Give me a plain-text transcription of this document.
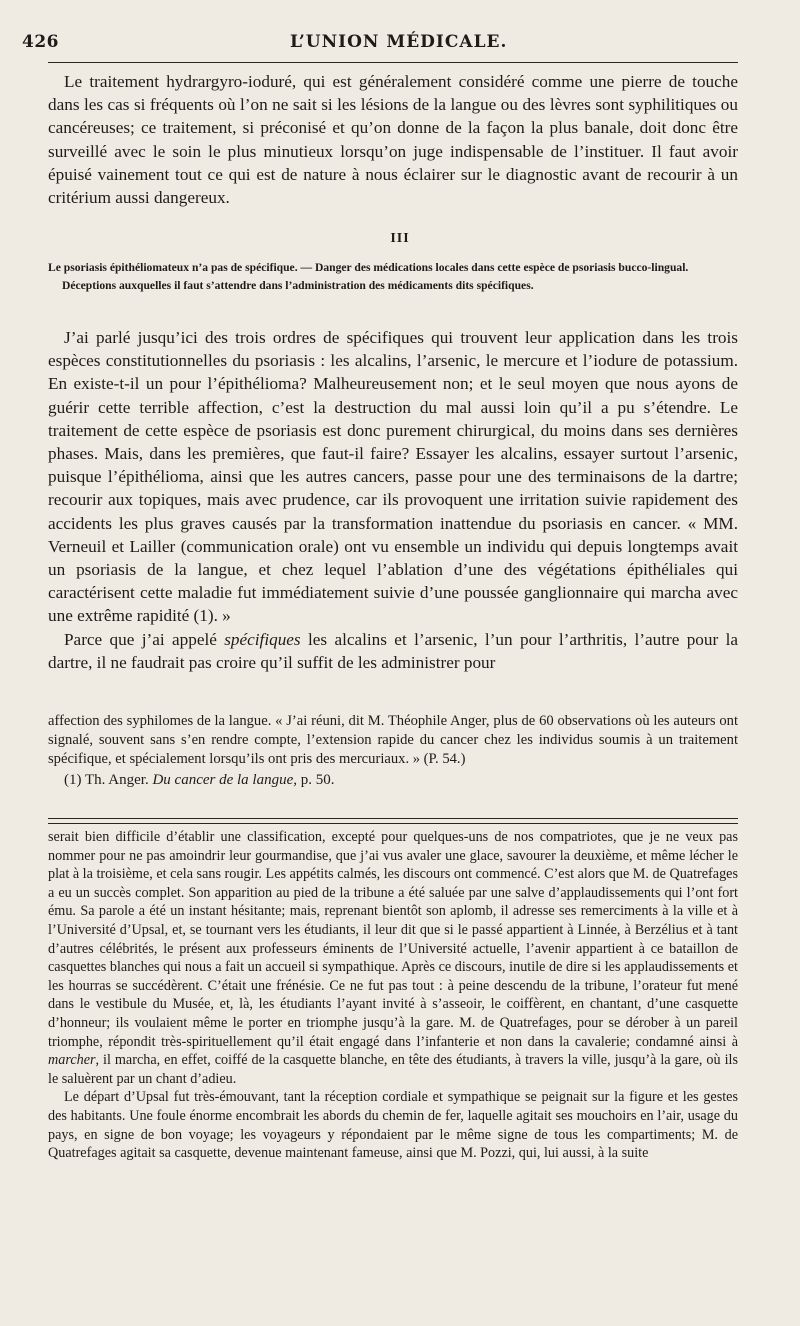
426	L’UNION MÉDICALE.

Le traitement hydrargyro-ioduré, qui est généralement considéré comme une pierre de touche dans les cas si fréquents où l’on ne sait si les lésions de la langue ou des lèvres sont syphilitiques ou cancéreuses; ce traitement, si préconisé et qu’on donne de la façon la plus banale, doit donc être surveillé avec le soin le plus minutieux lorsqu’on juge indispensable de l’instituer. Il faut avoir épuisé vainement tout ce qui est de nature à nous éclairer sur le diagnostic avant de recourir à un critérium aussi dangereux.

III

Le psoriasis épithéliomateux n’a pas de spécifique. — Danger des médications locales dans cette espèce de psoriasis bucco-lingual.

Déceptions auxquelles il faut s’attendre dans l’administration des médicaments dits spécifiques.

J’ai parlé jusqu’ici des trois ordres de spécifiques qui trouvent leur application dans les trois espèces constitutionnelles du psoriasis : les alcalins, l’arsenic, le mercure et l’iodure de potassium. En existe-t-il un pour l’épithélioma? Malheureusement non; et le seul moyen que nous ayons de guérir cette terrible affection, c’est la destruction du mal aussi loin qu’il a pu s’étendre. Le traitement de cette espèce de psoriasis est donc purement chirurgical, du moins dans ses dernières phases. Mais, dans les premières, que faut-il faire? Essayer les alcalins, essayer surtout l’arsenic, puisque l’épithélioma, ainsi que les autres cancers, passe pour une des terminaisons de la dartre; recourir aux topiques, mais avec prudence, car ils provoquent une irritation suivie rapidement des accidents les plus graves causés par la transformation inattendue du psoriasis en cancer. « MM. Verneuil et Lailler (communication orale) ont vu ensemble un individu qui depuis longtemps avait un psoriasis de la langue, et chez lequel l’ablation d’une des végétations épithéliales qui caractérisent cette maladie fut immédiatement suivie d’une poussée ganglionnaire qui marcha avec une extrême rapidité (1). »

Parce que j’ai appelé spécifiques les alcalins et l’arsenic, l’un pour l’arthritis, l’autre pour la dartre, il ne faudrait pas croire qu’il suffit de les administrer pour

affection des syphilomes de la langue. « J’ai réuni, dit M. Théophile Anger, plus de 60 observations où les auteurs ont signalé, souvent sans s’en rendre compte, l’extension rapide du cancer chez les individus soumis à un traitement spécifique, et spécialement lorsqu’ils ont pris des mercuriaux. » (P. 54.)

(1) Th. Anger. Du cancer de la langue, p. 50.

serait bien difficile d’établir une classification, excepté pour quelques-uns de nos compatriotes, que je ne veux pas nommer pour ne pas amoindrir leur gourmandise, que j’ai vus avaler une glace, savourer la deuxième, et même lécher le plat à la troisième, et cela sans rougir. Les appétits calmés, les discours ont commencé. C’est alors que M. de Quatrefages a eu un succès complet. Son apparition au pied de la tribune a été saluée par une salve d’applaudissements qui l’ont fort ému. Sa parole a été un instant hésitante; mais, reprenant bientôt son aplomb, il adresse ses remerciments à la ville et à l’Université d’Upsal, et, se tournant vers les étudiants, il leur dit que si le passé appartient à Linnée, à Berzélius et à tant d’autres célébrités, le présent aux professeurs éminents de l’Université actuelle, l’avenir appartient à ce bataillon de casquettes blanches qui nous a fait un accueil si sympathique. Après ce discours, inutile de dire si les applaudissements et les hourras se succédèrent. C’était une frénésie. Ce ne fut pas tout : à peine descendu de la tribune, l’orateur fut mené dans le vestibule du Musée, et, là, les étudiants l’ayant invité à s’asseoir, le coiffèrent, en chantant, d’une casquette d’honneur; ils voulaient même le porter en triomphe jusqu’à la gare. M. de Quatrefages, pour se dérober à un pareil triomphe, répondit très-spirituellement qu’il était engagé dans l’infanterie et non dans la cavalerie; condamné ainsi à marcher, il marcha, en effet, coiffé de la casquette blanche, en tête des étudiants, à travers la ville, jusqu’à la gare, où ils le saluèrent par un chant d’adieu.

Le départ d’Upsal fut très-émouvant, tant la réception cordiale et sympathique se peignait sur la figure et les gestes des habitants. Une foule énorme encombrait les abords du chemin de fer, laquelle agitait ses mouchoirs en l’air, usage du pays, en signe de bon voyage; les voyageurs y répondaient par le même signe de tous les compartiments; M. de Quatrefages agitait sa casquette, devenue maintenant fameuse, ainsi que M. Pozzi, qui, lui aussi, à la suite
